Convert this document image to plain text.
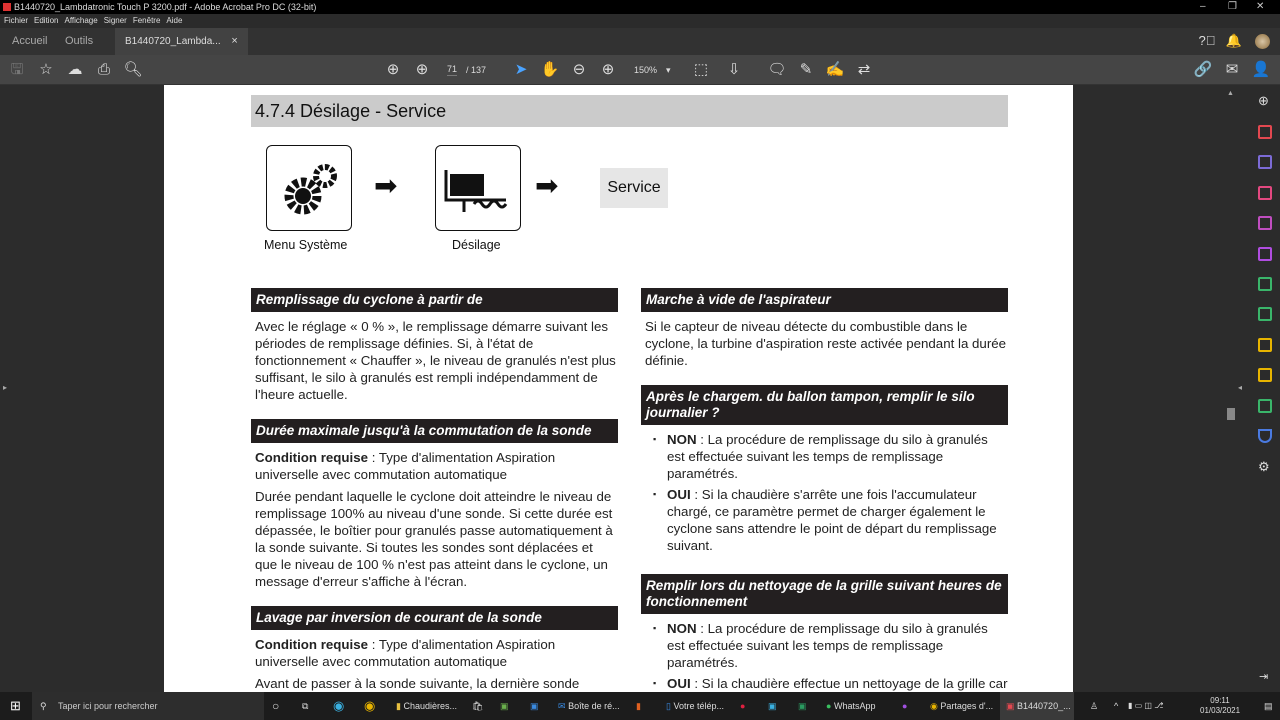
B1440720_Lambdatronic Touch P 3200.pdf - Adobe Acrobat Pro DC (32-bit)	– ❐ ✕
Fichier Edition Affichage Signer Fenêtre Aide
Accueil Outils	B1440720_Lambda... ×	?⃝ 🔔
🖫	☆ ☁	⎙ 🔍︎	⊕	⊕	71 / 137	➤ ✋ ⊖	⊕	150% ▾ ⬚	⇩	🗨 ✎ ✍ ⇄	🔗 ✉ 👤
▸	◂
▲
4.7.4 Désilage - Service
➡	➡	Service
Menu Système	Désilage
Remplissage du cyclone à partir de
Avec le réglage « 0 % », le remplissage démarre suivant les périodes de remplissage définies. Si, à l'état de fonctionnement « Chauffer », le niveau de granulés n'est plus suffisant, le silo à granulés est rempli indépendamment de l'heure actuelle.
Durée maximale jusqu'à la commutation de la sonde
Condition requise : Type d'alimentation Aspiration universelle avec commutation automatique
Durée pendant laquelle le cyclone doit atteindre le niveau de remplissage 100% au niveau d'une sonde. Si cette durée est dépassée, le boîtier pour granulés passe automatiquement à la sonde suivante. Si toutes les sondes sont déplacées et que le niveau de 100 % n'est pas atteint dans le cyclone, un message d'erreur s'affiche à l'écran.
Lavage par inversion de courant de la sonde
Condition requise : Type d'alimentation Aspiration universelle avec commutation automatique
Avant de passer à la sonde suivante, la dernière sonde
Marche à vide de l'aspirateur
Si le capteur de niveau détecte du combustible dans le cyclone, la turbine d'aspiration reste activée pendant la durée définie.
Après le chargem. du ballon tampon, remplir le silo journalier ?
▪ NON : La procédure de remplissage du silo à granulés est effectuée suivant les temps de remplissage paramétrés.
▪ OUI : Si la chaudière s'arrête une fois l'accumulateur chargé, ce paramètre permet de charger également le cyclone sans attendre le point de départ du remplissage suivant.
Remplir lors du nettoyage de la grille suivant heures de fonctionnement
▪ NON : La procédure de remplissage du silo à granulés est effectuée suivant les temps de remplissage paramétrés.
▪ OUI : Si la chaudière effectue un nettoyage de la grille car
⊕
⚙
⇥
⊞ ⚲ Taper ici pour rechercher	○	⧉ ◉ ◉ ▮ Chaudières... 🛍 ▣ ▣ ✉ Boîte de ré... ▮	▯ Votre télép... ●	▣ ▣ ● WhatsApp	●	◉ Partages d'... ▣ B1440720_... ♙ ^ ▮ ▭ ◫ ⎇
09:11
01/03/2021	▤
